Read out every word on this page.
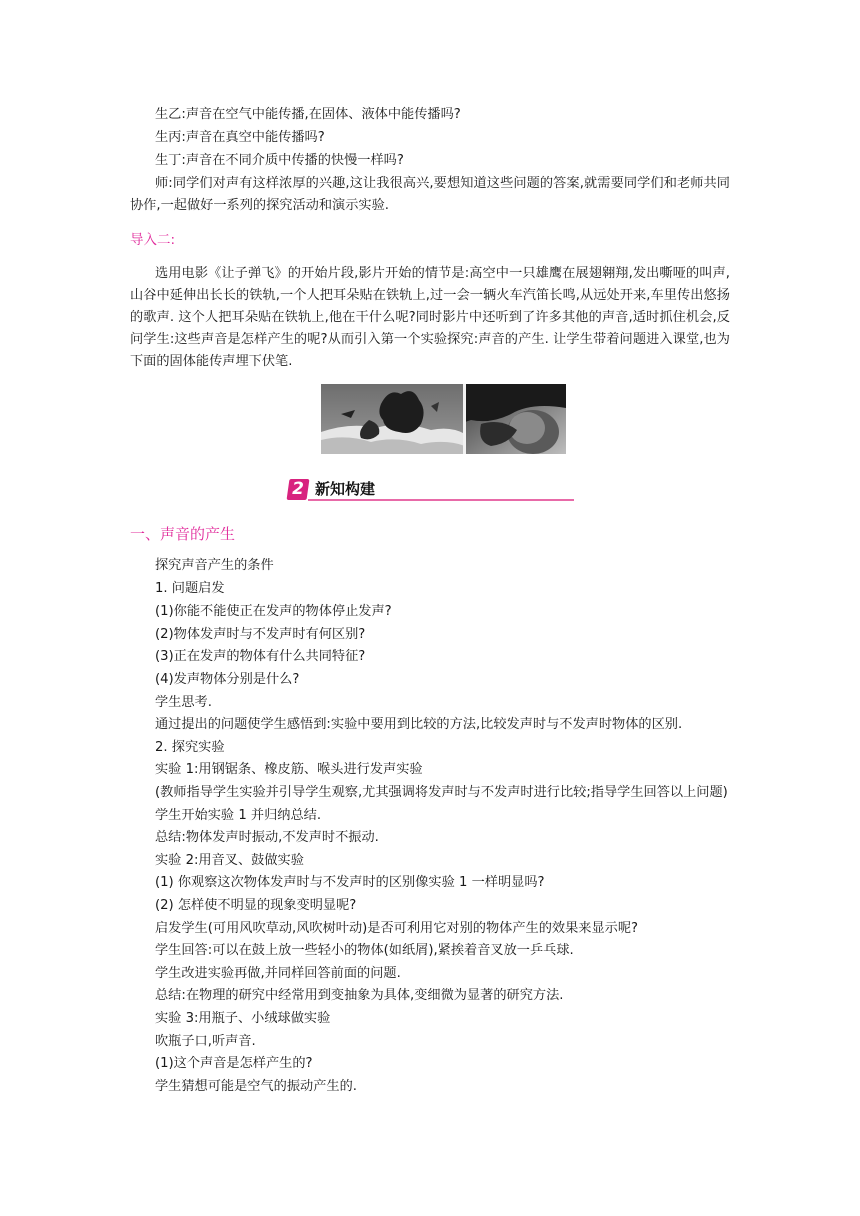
生乙:声音在空气中能传播,在固体、液体中能传播吗?
生丙:声音在真空中能传播吗?
生丁:声音在不同介质中传播的快慢一样吗?
师:同学们对声有这样浓厚的兴趣,这让我很高兴,要想知道这些问题的答案,就需要同学们和老师共同协作,一起做好一系列的探究活动和演示实验.
导入二:
选用电影《让子弹飞》的开始片段,影片开始的情节是:高空中一只雄鹰在展翅翱翔,发出嘶哑的叫声,山谷中延伸出长长的铁轨,一个人把耳朵贴在铁轨上,过一会一辆火车汽笛长鸣,从远处开来,车里传出悠扬的歌声. 这个人把耳朵贴在铁轨上,他在干什么呢?同时影片中还听到了许多其他的声音,适时抓住机会,反问学生:这些声音是怎样产生的呢?从而引入第一个实验探究:声音的产生. 让学生带着问题进入课堂,也为下面的固体能传声埋下伏笔.
2 新知构建
一、声音的产生
探究声音产生的条件
1. 问题启发
(1)你能不能使正在发声的物体停止发声?
(2)物体发声时与不发声时有何区别?
(3)正在发声的物体有什么共同特征?
(4)发声物体分别是什么?
学生思考.
通过提出的问题使学生感悟到:实验中要用到比较的方法,比较发声时与不发声时物体的区别.
2. 探究实验
实验 1:用钢锯条、橡皮筋、喉头进行发声实验
(教师指导学生实验并引导学生观察,尤其强调将发声时与不发声时进行比较;指导学生回答以上问题)
学生开始实验 1 并归纳总结.
总结:物体发声时振动,不发声时不振动.
实验 2:用音叉、鼓做实验
(1) 你观察这次物体发声时与不发声时的区别像实验 1 一样明显吗?
(2) 怎样使不明显的现象变明显呢?
启发学生(可用风吹草动,风吹树叶动)是否可利用它对别的物体产生的效果来显示呢?
学生回答:可以在鼓上放一些轻小的物体(如纸屑),紧挨着音叉放一乒乓球.
学生改进实验再做,并同样回答前面的问题.
总结:在物理的研究中经常用到变抽象为具体,变细微为显著的研究方法.
实验 3:用瓶子、小绒球做实验
吹瓶子口,听声音.
(1)这个声音是怎样产生的?
学生猜想可能是空气的振动产生的.
